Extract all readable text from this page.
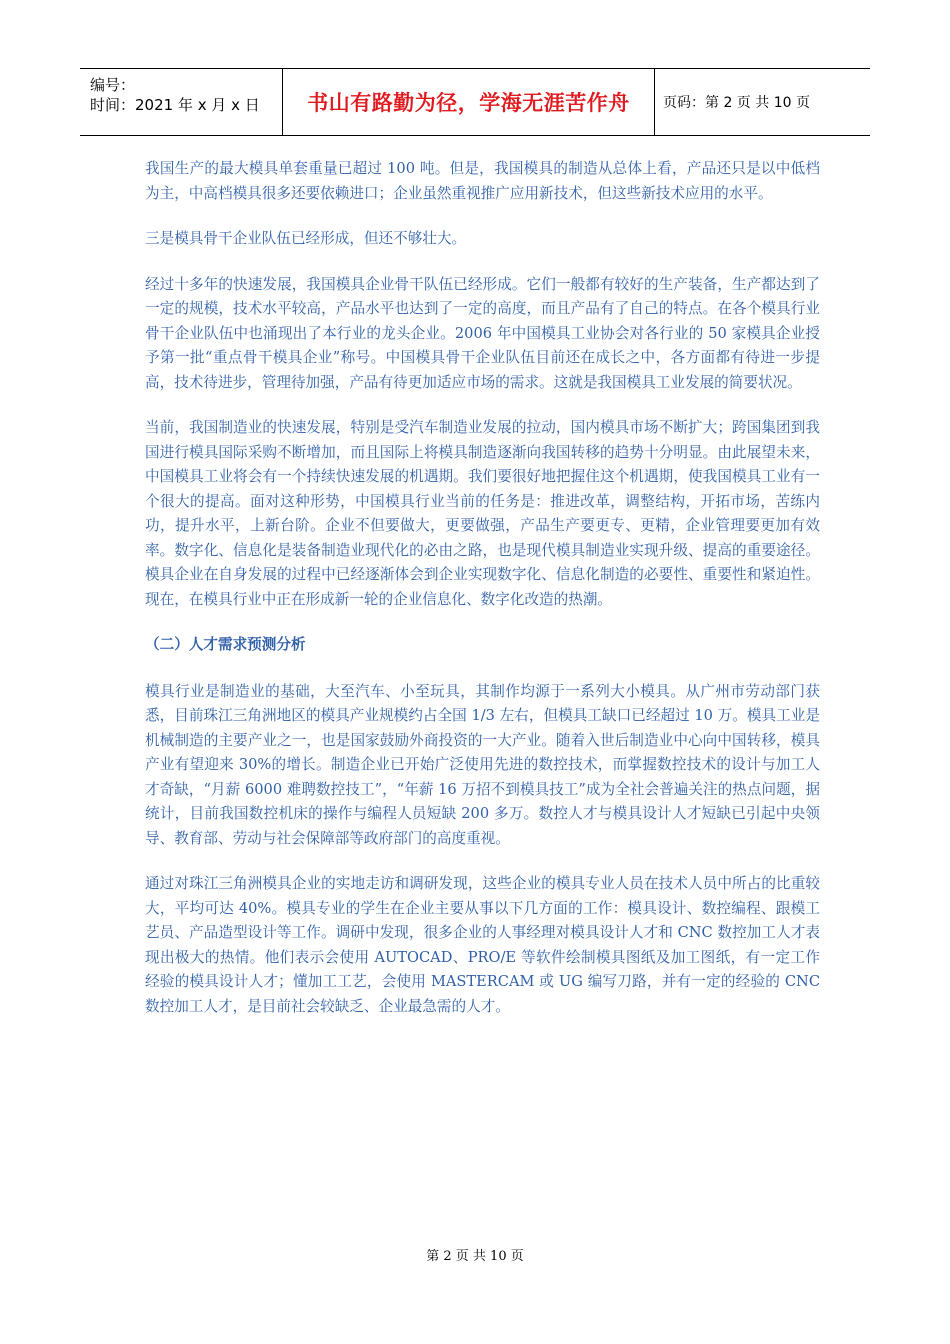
编号：
时间：2021 年 x 月 x 日	书山有路勤为径，学海无涯苦作舟	页码：第 2 页 共 10 页

我国生产的最大模具单套重量已超过 100 吨。但是，我国模具的制造从总体上看，产品还只是以中低档为主，中高档模具很多还要依赖进口；企业虽然重视推广应用新技术，但这些新技术应用的水平。

三是模具骨干企业队伍已经形成，但还不够壮大。

经过十多年的快速发展，我国模具企业骨干队伍已经形成。它们一般都有较好的生产装备，生产都达到了一定的规模，技术水平较高，产品水平也达到了一定的高度，而且产品有了自己的特点。在各个模具行业骨干企业队伍中也涌现出了本行业的龙头企业。2006 年中国模具工业协会对各行业的 50 家模具企业授予第一批“重点骨干模具企业”称号。中国模具骨干企业队伍目前还在成长之中，各方面都有待进一步提高，技术待进步，管理待加强，产品有待更加适应市场的需求。这就是我国模具工业发展的简要状况。

当前，我国制造业的快速发展，特别是受汽车制造业发展的拉动，国内模具市场不断扩大；跨国集团到我国进行模具国际采购不断增加，而且国际上将模具制造逐渐向我国转移的趋势十分明显。由此展望未来，中国模具工业将会有一个持续快速发展的机遇期。我们要很好地把握住这个机遇期，使我国模具工业有一个很大的提高。面对这种形势，中国模具行业当前的任务是：推进改革，调整结构，开拓市场，苦练内功，提升水平，上新台阶。企业不但要做大，更要做强，产品生产要更专、更精，企业管理要更加有效率。数字化、信息化是装备制造业现代化的必由之路，也是现代模具制造业实现升级、提高的重要途径。模具企业在自身发展的过程中已经逐渐体会到企业实现数字化、信息化制造的必要性、重要性和紧迫性。现在，在模具行业中正在形成新一轮的企业信息化、数字化改造的热潮。

（二）人才需求预测分析

模具行业是制造业的基础，大至汽车、小至玩具，其制作均源于一系列大小模具。从广州市劳动部门获悉，目前珠江三角洲地区的模具产业规模约占全国 1/3 左右，但模具工缺口已经超过 10 万。模具工业是机械制造的主要产业之一，也是国家鼓励外商投资的一大产业。随着入世后制造业中心向中国转移，模具产业有望迎来 30%的增长。制造企业已开始广泛使用先进的数控技术，而掌握数控技术的设计与加工人才奇缺，“月薪 6000 难聘数控技工”，“年薪 16 万招不到模具技工”成为全社会普遍关注的热点问题，据统计，目前我国数控机床的操作与编程人员短缺 200 多万。数控人才与模具设计人才短缺已引起中央领导、教育部、劳动与社会保障部等政府部门的高度重视。

通过对珠江三角洲模具企业的实地走访和调研发现，这些企业的模具专业人员在技术人员中所占的比重较大，平均可达 40%。模具专业的学生在企业主要从事以下几方面的工作：模具设计、数控编程、跟模工艺员、产品造型设计等工作。调研中发现，很多企业的人事经理对模具设计人才和 CNC 数控加工人才表现出极大的热情。他们表示会使用 AUTOCAD、PRO/E 等软件绘制模具图纸及加工图纸，有一定工作经验的模具设计人才；懂加工工艺，会使用 MASTERCAM 或 UG 编写刀路，并有一定的经验的 CNC 数控加工人才，是目前社会较缺乏、企业最急需的人才。

第 2 页 共 10 页
